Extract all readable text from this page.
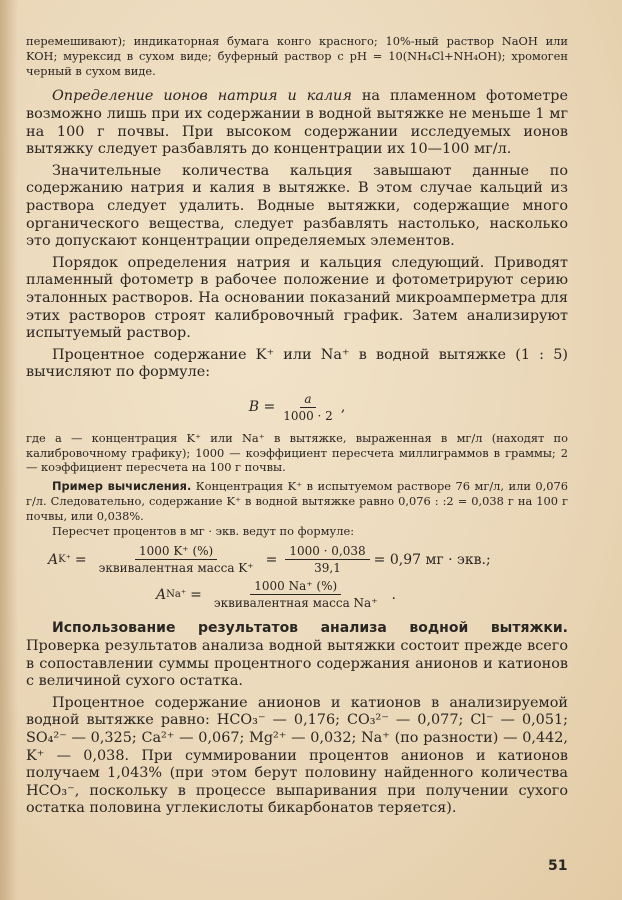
перемешивают); индикаторная бумага конго красного; 10%-ный раствор NaOH или KOH; мурексид в сухом виде; буферный раствор с pH = 10(NH₄Cl+NH₄OH); хромоген черный в сухом виде.

Определение ионов натрия и калия на пламенном фотометре возможно лишь при их содержании в водной вытяжке не меньше 1 мг на 100 г почвы. При высоком содержании исследуемых ионов вытяжку следует разбавлять до концентрации их 10—100 мг/л.

Значительные количества кальция завышают данные по содержанию натрия и калия в вытяжке. В этом случае кальций из раствора следует удалить. Водные вытяжки, содержащие много органического вещества, следует разбавлять настолько, насколько это допускают концентрации определяемых элементов.

Порядок определения натрия и кальция следующий. Приводят пламенный фотометр в рабочее положение и фотометрируют серию эталонных растворов. На основании показаний микроамперметра для этих растворов строят калибровочный график. Затем анализируют испытуемый раствор.

Процентное содержание K⁺ или Na⁺ в водной вытяжке (1 : 5) вычисляют по формуле:

$B = \frac{a}{1000 \cdot 2}$ ,

где a — концентрация K⁺ или Na⁺ в вытяжке, выраженная в мг/л (находят по калибровочному графику); 1000 — коэффициент пересчета миллиграммов в граммы; 2 — коэффициент пересчета на 100 г почвы.

Пример вычисления. Концентрация K⁺ в испытуемом растворе 76 мг/л, или 0,076 г/л. Следовательно, содержание K⁺ в водной вытяжке равно 0,076 : :2 = 0,038 г на 100 г почвы, или 0,038%.

Пересчет процентов в мг · экв. ведут по формуле:

A $K^+ = \frac{1000 K^+ (\%)}{\text{эквивалентная масса K⁺}} = \frac{1000 \cdot 0,038}{39,1} = 0,97$ мг · экв.;
A $Na^+ = \frac{1000 Na^+ (\%)}{\text{эквивалентная масса Na⁺}}$ .

Использование результатов анализа водной вытяжки. Проверка результатов анализа водной вытяжки состоит прежде всего в сопоставлении суммы процентного содержания анионов и катионов с величиной сухого остатка.

Процентное содержание анионов и катионов в анализируемой водной вытяжке равно: HCO₃⁻ — 0,176; CO₃²⁻ — 0,077; Cl⁻ — 0,051; SO₄²⁻ — 0,325; Ca²⁺ — 0,067; Mg²⁺ — 0,032; Na⁺ (по разности) — 0,442, K⁺ — 0,038. При суммировании процентов анионов и катионов получаем 1,043% (при этом берут половину найденного количества HCO₃⁻, поскольку в процессе выпаривания при получении сухого остатка половина углекислоты бикарбонатов теряется).

51
